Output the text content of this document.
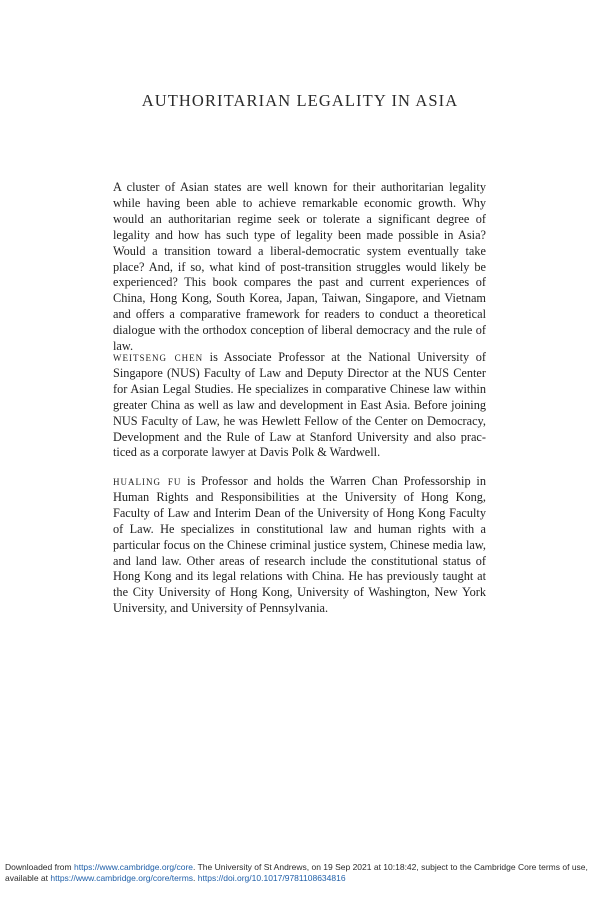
AUTHORITARIAN LEGALITY IN ASIA

A cluster of Asian states are well known for their authoritarian legality while having been able to achieve remarkable economic growth. Why would an authoritarian regime seek or tolerate a significant degree of legality and how has such type of legality been made possible in Asia? Would a transition toward a liberal-democratic system eventually take place? And, if so, what kind of post-transition struggles would likely be experienced? This book compares the past and current experiences of China, Hong Kong, South Korea, Japan, Taiwan, Singapore, and Vietnam and offers a comparative framework for readers to conduct a theoretical dialogue with the orthodox conception of liberal democracy and the rule of law.

weitseng chen is Associate Professor at the National University of Singapore (NUS) Faculty of Law and Deputy Director at the NUS Center for Asian Legal Studies. He specializes in comparative Chinese law within greater China as well as law and development in East Asia. Before joining NUS Faculty of Law, he was Hewlett Fellow of the Center on Democracy, Development and the Rule of Law at Stanford University and also practiced as a corporate lawyer at Davis Polk & Wardwell.

hualing fu is Professor and holds the Warren Chan Professorship in Human Rights and Responsibilities at the University of Hong Kong, Faculty of Law and Interim Dean of the University of Hong Kong Faculty of Law. He specializes in constitutional law and human rights with a particular focus on the Chinese criminal justice system, Chinese media law, and land law. Other areas of research include the constitutional status of Hong Kong and its legal relations with China. He has previously taught at the City University of Hong Kong, University of Washington, New York University, and University of Pennsylvania.

Downloaded from https://www.cambridge.org/core. The University of St Andrews, on 19 Sep 2021 at 10:18:42, subject to the Cambridge Core terms of use, available at https://www.cambridge.org/core/terms. https://doi.org/10.1017/9781108634816
